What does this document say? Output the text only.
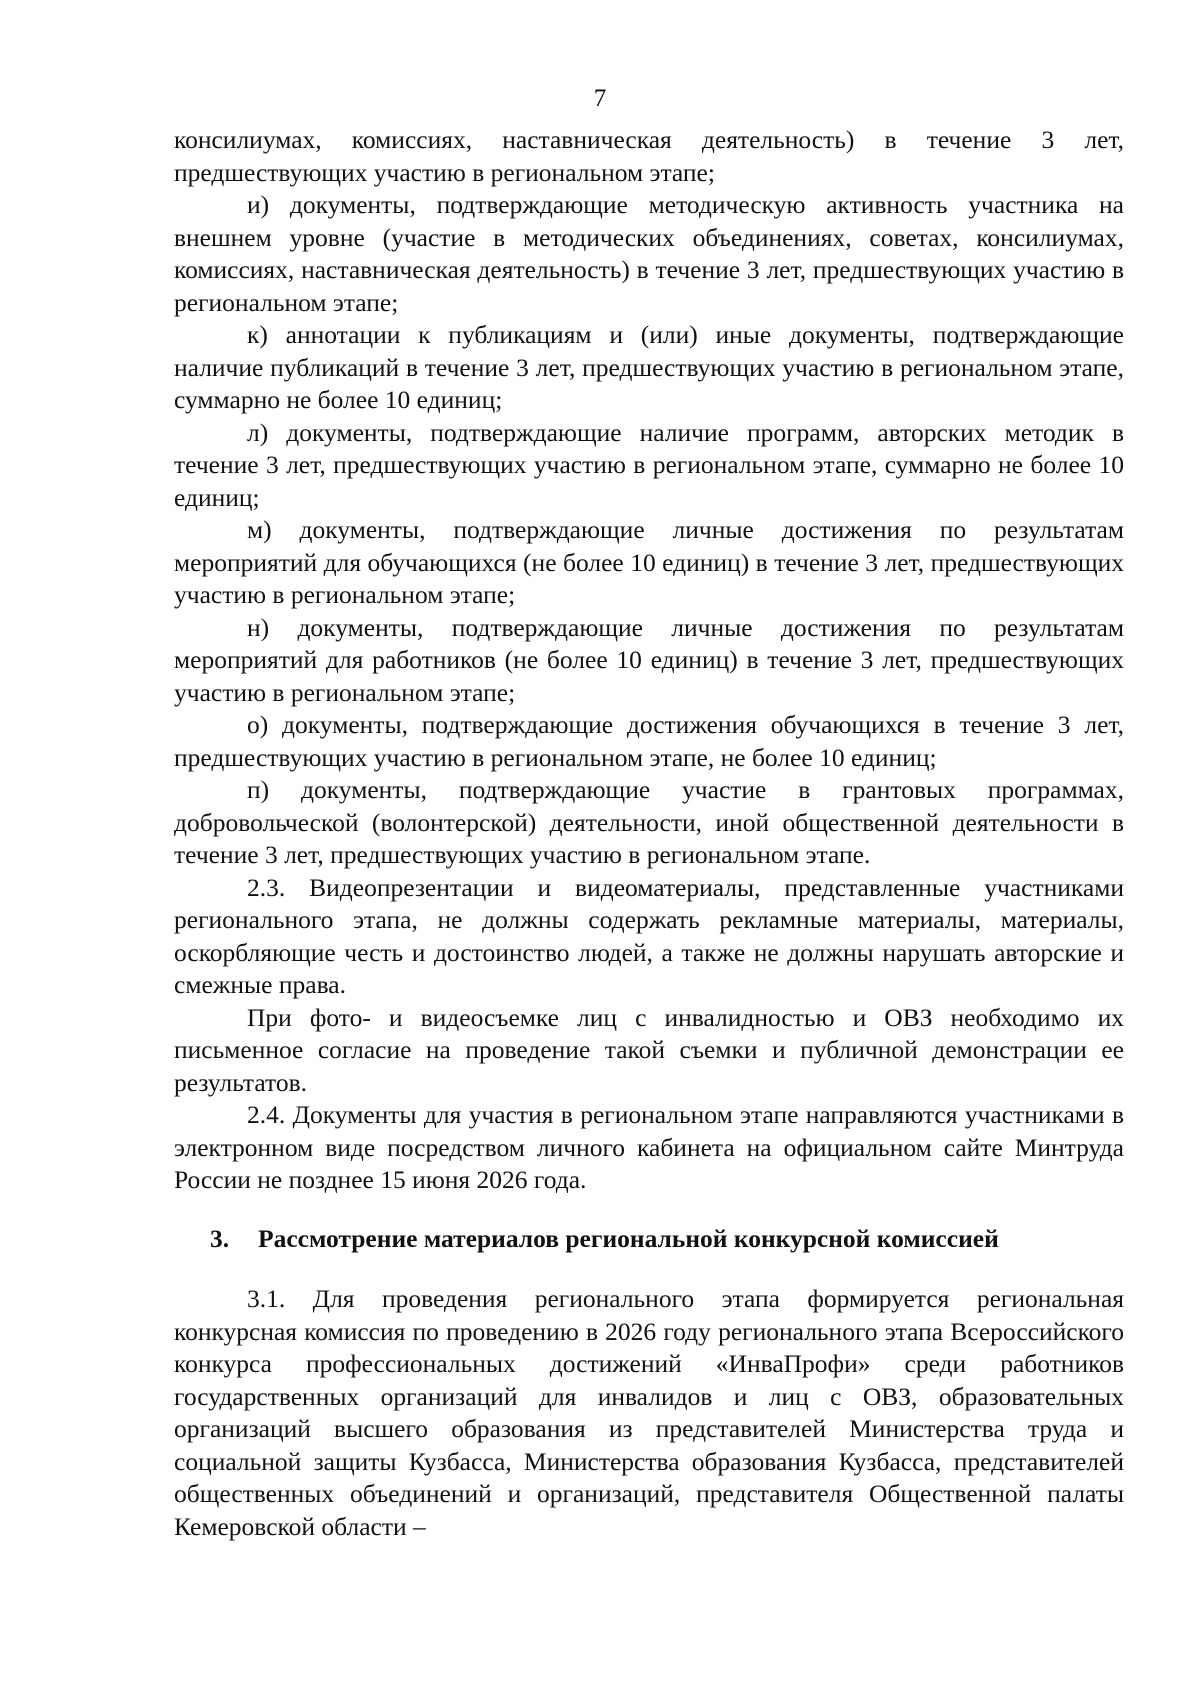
7

консилиумах, комиссиях, наставническая деятельность) в течение 3 лет, предшествующих участию в региональном этапе;

и) документы, подтверждающие методическую активность участника на внешнем уровне (участие в методических объединениях, советах, консилиумах, комиссиях, наставническая деятельность) в течение 3 лет, предшествующих участию в региональном этапе;

к) аннотации к публикациям и (или) иные документы, подтверждающие наличие публикаций в течение 3 лет, предшествующих участию в региональном этапе, суммарно не более 10 единиц;

л) документы, подтверждающие наличие программ, авторских методик в течение 3 лет, предшествующих участию в региональном этапе, суммарно не более 10 единиц;

м) документы, подтверждающие личные достижения по результатам мероприятий для обучающихся (не более 10 единиц) в течение 3 лет, предшествующих участию в региональном этапе;

н) документы, подтверждающие личные достижения по результатам мероприятий для работников (не более 10 единиц) в течение 3 лет, предшествующих участию в региональном этапе;

о) документы, подтверждающие достижения обучающихся в течение 3 лет, предшествующих участию в региональном этапе, не более 10 единиц;

п) документы, подтверждающие участие в грантовых программах, добровольческой (волонтерской) деятельности, иной общественной деятельности в течение 3 лет, предшествующих участию в региональном этапе.

2.3. Видеопрезентации и видеоматериалы, представленные участниками регионального этапа, не должны содержать рекламные материалы, материалы, оскорбляющие честь и достоинство людей, а также не должны нарушать авторские и смежные права.

При фото- и видеосъемке лиц с инвалидностью и ОВЗ необходимо их письменное согласие на проведение такой съемки и публичной демонстрации ее результатов.

2.4. Документы для участия в региональном этапе направляются участниками в электронном виде посредством личного кабинета на официальном сайте Минтруда России не позднее 15 июня 2026 года.

3. Рассмотрение материалов региональной конкурсной комиссией

3.1. Для проведения регионального этапа формируется региональная конкурсная комиссия по проведению в 2026 году регионального этапа Всероссийского конкурса профессиональных достижений «ИнваПрофи» среди работников государственных организаций для инвалидов и лиц с ОВЗ, образовательных организаций высшего образования из представителей Министерства труда и социальной защиты Кузбасса, Министерства образования Кузбасса, представителей общественных объединений и организаций, представителя Общественной палаты Кемеровской области –
